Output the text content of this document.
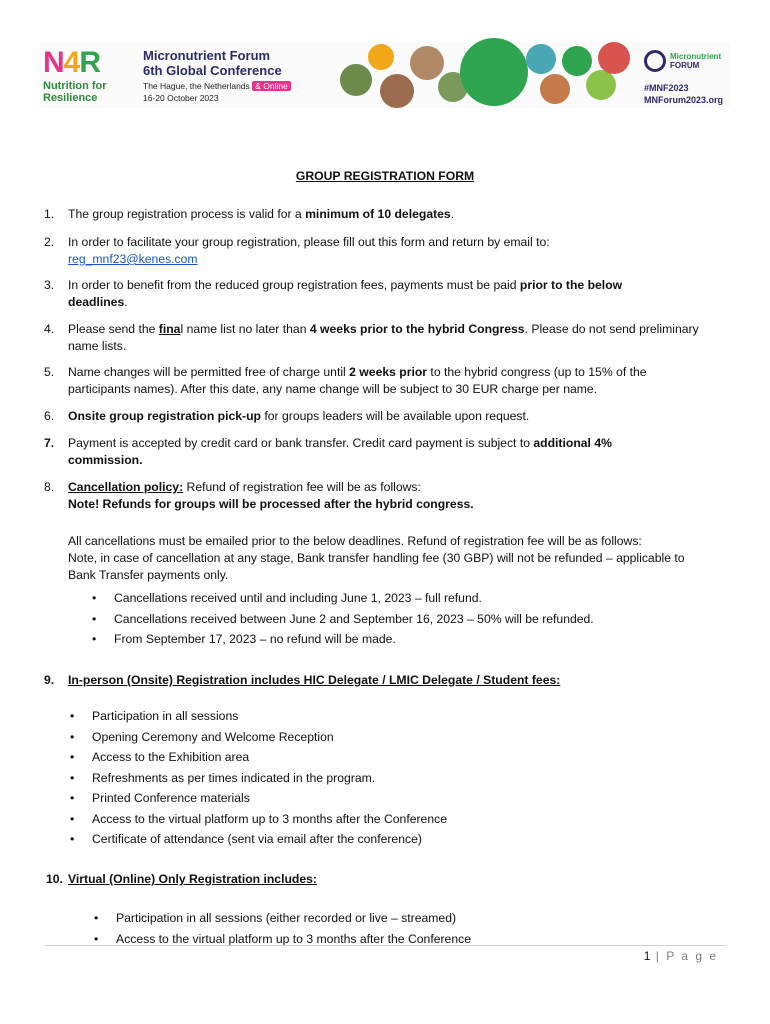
N4R
Nutrition for Resilience
Micronutrient Forum
6th Global Conference
The Hague, the Netherlands & Online
16-20 October 2023
Micronutrient
FORUM
#MNF2023
MNForum2023.org
GROUP REGISTRATION FORM
1. The group registration process is valid for a minimum of 10 delegates.
2. In order to facilitate your group registration, please fill out this form and return by email to:
reg_mnf23@kenes.com
3. In order to benefit from the reduced group registration fees, payments must be paid prior to the below
deadlines.
4. Please send the final name list no later than 4 weeks prior to the hybrid Congress. Please do not send preliminary
name lists.
5. Name changes will be permitted free of charge until 2 weeks prior to the hybrid congress (up to 15% of the
participants names). After this date, any name change will be subject to 30 EUR charge per name.
6. Onsite group registration pick-up for groups leaders will be available upon request.
7. Payment is accepted by credit card or bank transfer. Credit card payment is subject to additional 4%
commission.
8. Cancellation policy: Refund of registration fee will be as follows:
Note! Refunds for groups will be processed after the hybrid congress.
All cancellations must be emailed prior to the below deadlines. Refund of registration fee will be as follows:
Note, in case of cancellation at any stage, Bank transfer handling fee (30 GBP) will not be refunded – applicable to
Bank Transfer payments only.
• Cancellations received until and including June 1, 2023 – full refund.
• Cancellations received between June 2 and September 16, 2023 – 50% will be refunded.
• From September 17, 2023 – no refund will be made.
9. In-person (Onsite) Registration includes HIC Delegate / LMIC Delegate / Student fees:
• Participation in all sessions
• Opening Ceremony and Welcome Reception
• Access to the Exhibition area
• Refreshments as per times indicated in the program.
• Printed Conference materials
• Access to the virtual platform up to 3 months after the Conference
• Certificate of attendance (sent via email after the conference)
10. Virtual (Online) Only Registration includes:
• Participation in all sessions (either recorded or live – streamed)
• Access to the virtual platform up to 3 months after the Conference
1 | P a g e
